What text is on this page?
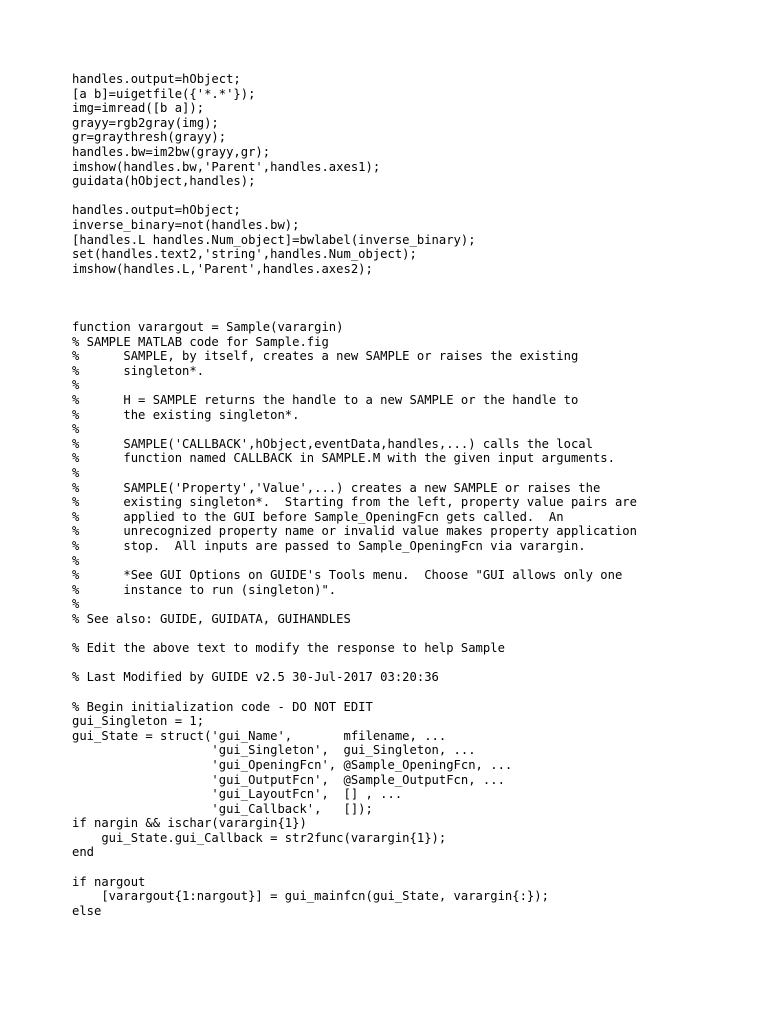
handles.output=hObject;
[a b]=uigetfile({'*.*'});
img=imread([b a]);
grayy=rgb2gray(img);
gr=graythresh(grayy);
handles.bw=im2bw(grayy,gr);
imshow(handles.bw,'Parent',handles.axes1);
guidata(hObject,handles);
handles.output=hObject;
inverse_binary=not(handles.bw);
[handles.L handles.Num_object]=bwlabel(inverse_binary);
set(handles.text2,'string',handles.Num_object);
imshow(handles.L,'Parent',handles.axes2);
function varargout = Sample(varargin)
% SAMPLE MATLAB code for Sample.fig
%      SAMPLE, by itself, creates a new SAMPLE or raises the existing
%      singleton*.
%
%      H = SAMPLE returns the handle to a new SAMPLE or the handle to
%      the existing singleton*.
%
%      SAMPLE('CALLBACK',hObject,eventData,handles,...) calls the local
%      function named CALLBACK in SAMPLE.M with the given input arguments.
%
%      SAMPLE('Property','Value',...) creates a new SAMPLE or raises the
%      existing singleton*.  Starting from the left, property value pairs are
%      applied to the GUI before Sample_OpeningFcn gets called.  An
%      unrecognized property name or invalid value makes property application
%      stop.  All inputs are passed to Sample_OpeningFcn via varargin.
%
%      *See GUI Options on GUIDE's Tools menu.  Choose "GUI allows only one
%      instance to run (singleton)".
%
% See also: GUIDE, GUIDATA, GUIHANDLES
% Edit the above text to modify the response to help Sample
% Last Modified by GUIDE v2.5 30-Jul-2017 03:20:36
% Begin initialization code - DO NOT EDIT
gui_Singleton = 1;
gui_State = struct('gui_Name',       mfilename, ...
'gui_Singleton',  gui_Singleton, ...
'gui_OpeningFcn', @Sample_OpeningFcn, ...
'gui_OutputFcn',  @Sample_OutputFcn, ...
'gui_LayoutFcn',  [] , ...
'gui_Callback',   []);
if nargin && ischar(varargin{1})
gui_State.gui_Callback = str2func(varargin{1});
end
if nargout
[varargout{1:nargout}] = gui_mainfcn(gui_State, varargin{:});
else
